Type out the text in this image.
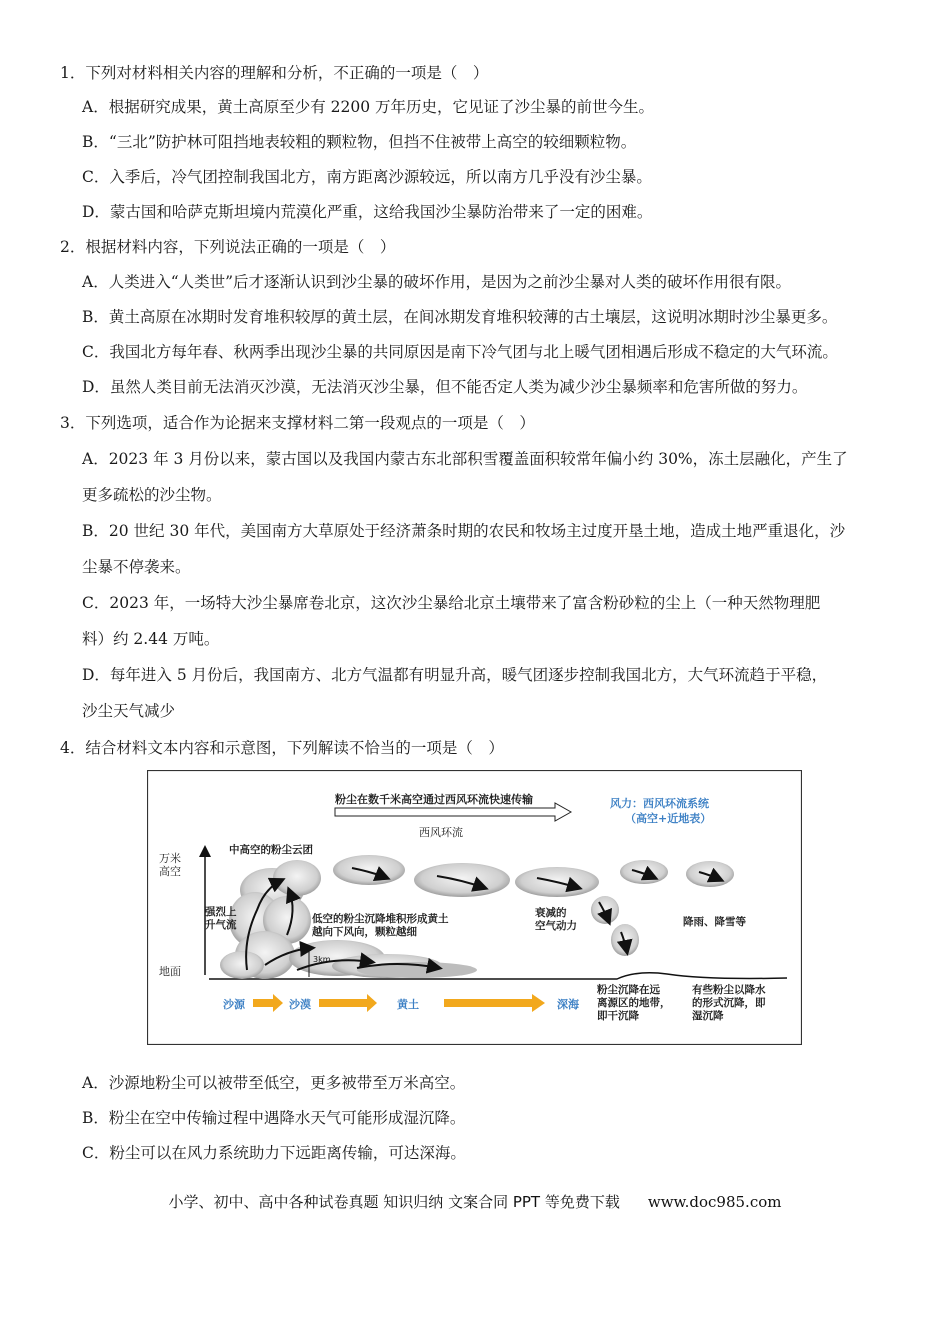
1．下列对材料相关内容的理解和分析，不正确的一项是（　）
A．根据研究成果，黄土高原至少有 2200 万年历史，它见证了沙尘暴的前世今生。
B．“三北”防护林可阻挡地表较粗的颗粒物，但挡不住被带上高空的较细颗粒物。
C．入季后，冷气团控制我国北方，南方距离沙源较远，所以南方几乎没有沙尘暴。
D．蒙古国和哈萨克斯坦境内荒漠化严重，这给我国沙尘暴防治带来了一定的困难。
2．根据材料内容，下列说法正确的一项是（　）
A．人类进入“人类世”后才逐渐认识到沙尘暴的破坏作用，是因为之前沙尘暴对人类的破坏作用很有限。
B．黄土高原在冰期时发育堆积较厚的黄土层，在间冰期发育堆积较薄的古土壤层，这说明冰期时沙尘暴更多。
C．我国北方每年春、秋两季出现沙尘暴的共同原因是南下冷气团与北上暖气团相遇后形成不稳定的大气环流。
D．虽然人类目前无法消灭沙漠，无法消灭沙尘暴，但不能否定人类为减少沙尘暴频率和危害所做的努力。
3．下列选项，适合作为论据来支撑材料二第一段观点的一项是（　）
A．2023 年 3 月份以来，蒙古国以及我国内蒙古东北部积雪覆盖面积较常年偏小约 30%，冻土层融化，产生了
更多疏松的沙尘物。
B．20 世纪 30 年代，美国南方大草原处于经济萧条时期的农民和牧场主过度开垦土地，造成土地严重退化，沙
尘暴不停袭来。
C．2023 年，一场特大沙尘暴席卷北京，这次沙尘暴给北京土壤带来了富含粉砂粒的尘上（一种天然物理肥
料）约 2.44 万吨。
D．每年进入 5 月份后，我国南方、北方气温都有明显升高，暖气团逐步控制我国北方，大气环流趋于平稳，
沙尘天气减少
4．结合材料文本内容和示意图，下列解读不恰当的一项是（　）
A．沙源地粉尘可以被带至低空，更多被带至万米高空。
B．粉尘在空中传输过程中遇降水天气可能形成湿沉降。
C．粉尘可以在风力系统助力下远距离传输，可达深海。
粉尘在数千米高空通过西风环流快速传输
西风环流
风力：西风环流系统
（高空+近地表）
万米
高空
地面
3km
中高空的粉尘云团
强烈上
升气流	低空的粉尘沉降堆积形成黄土
越向下风向，颗粒越细
衰减的
空气动力	降雨、降雪等
沙源	沙漠	黄土	深海
粉尘沉降在远
离源区的地带，
即干沉降
有些粉尘以降水
的形式沉降，即
湿沉降
小学、初中、高中各种试卷真题 知识归纳 文案合同 PPT 等免费下载 www.doc985.com
